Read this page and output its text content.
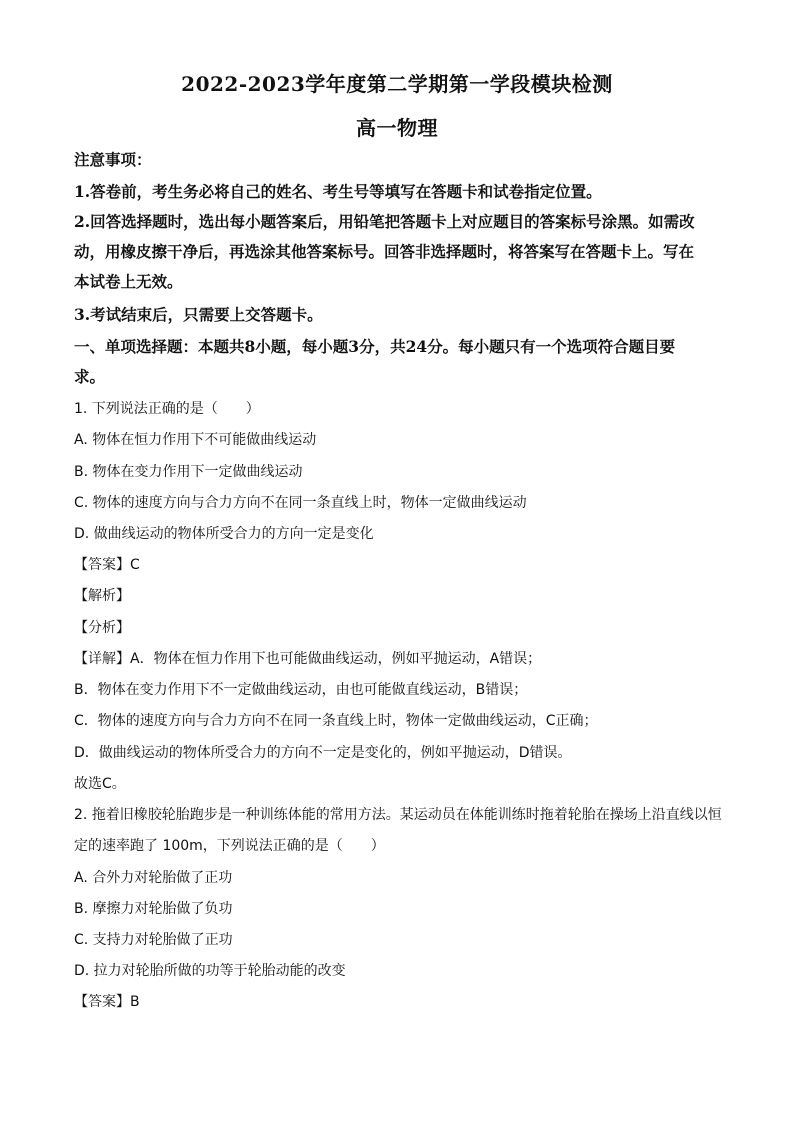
2022-2023学年度第二学期第一学段模块检测
高一物理
注意事项：
1.答卷前，考生务必将自己的姓名、考生号等填写在答题卡和试卷指定位置。
2.回答选择题时，选出每小题答案后，用铅笔把答题卡上对应题目的答案标号涂黑。如需改
动，用橡皮擦干净后，再选涂其他答案标号。回答非选择题时，将答案写在答题卡上。写在
本试卷上无效。
3.考试结束后，只需要上交答题卡。
一、单项选择题：本题共8小题，每小题3分，共24分。每小题只有一个选项符合题目要
求。
1. 下列说法正确的是（　　）
A. 物体在恒力作用下不可能做曲线运动
B. 物体在变力作用下一定做曲线运动
C. 物体的速度方向与合力方向不在同一条直线上时，物体一定做曲线运动
D. 做曲线运动的物体所受合力的方向一定是变化
【答案】C
【解析】
【分析】
【详解】A．物体在恒力作用下也可能做曲线运动，例如平抛运动，A错误；
B．物体在变力作用下不一定做曲线运动，由也可能做直线运动，B错误；
C．物体的速度方向与合力方向不在同一条直线上时，物体一定做曲线运动，C正确；
D．做曲线运动的物体所受合力的方向不一定是变化的，例如平抛运动，D错误。
故选C。
2. 拖着旧橡胶轮胎跑步是一种训练体能的常用方法。某运动员在体能训练时拖着轮胎在操场上沿直线以恒
定的速率跑了 100m，下列说法正确的是（　　）
A. 合外力对轮胎做了正功
B. 摩擦力对轮胎做了负功
C. 支持力对轮胎做了正功
D. 拉力对轮胎所做的功等于轮胎动能的改变
【答案】B
